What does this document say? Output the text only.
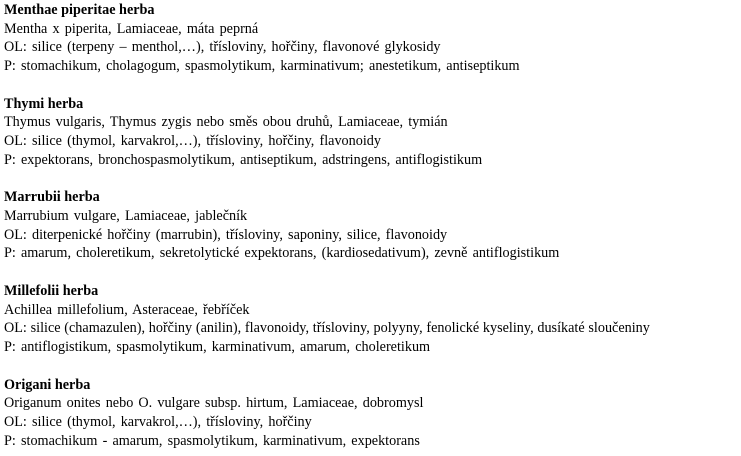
Menthae piperitae herba
Mentha x piperita, Lamiaceae, máta peprná
OL: silice (terpeny – menthol,…), třísloviny, hořčiny, flavonové glykosidy
P: stomachikum, cholagogum, spasmolytikum, karminativum; anestetikum, antiseptikum
Thymi herba
Thymus vulgaris, Thymus zygis nebo směs obou druhů, Lamiaceae, tymián
OL: silice (thymol, karvakrol,…), třísloviny, hořčiny, flavonoidy
P: expektorans, bronchospasmolytikum, antiseptikum, adstringens, antiflogistikum
Marrubii herba
Marrubium vulgare, Lamiaceae, jablečník
OL: diterpenické hořčiny (marrubin), třísloviny, saponiny, silice, flavonoidy
P: amarum, choleretikum, sekretolytické expektorans, (kardiosedativum), zevně antiflogistikum
Millefolii herba
Achillea millefolium, Asteraceae, řebříček
OL: silice (chamazulen), hořčiny (anilin), flavonoidy, třísloviny, polyyny, fenolické kyseliny, dusíkaté sloučeniny
P: antiflogistikum, spasmolytikum, karminativum, amarum, choleretikum
Origani herba
Origanum onites nebo O. vulgare subsp. hirtum, Lamiaceae, dobromysl
OL: silice (thymol, karvakrol,…), třísloviny, hořčiny
P: stomachikum - amarum, spasmolytikum, karminativum, expektorans
